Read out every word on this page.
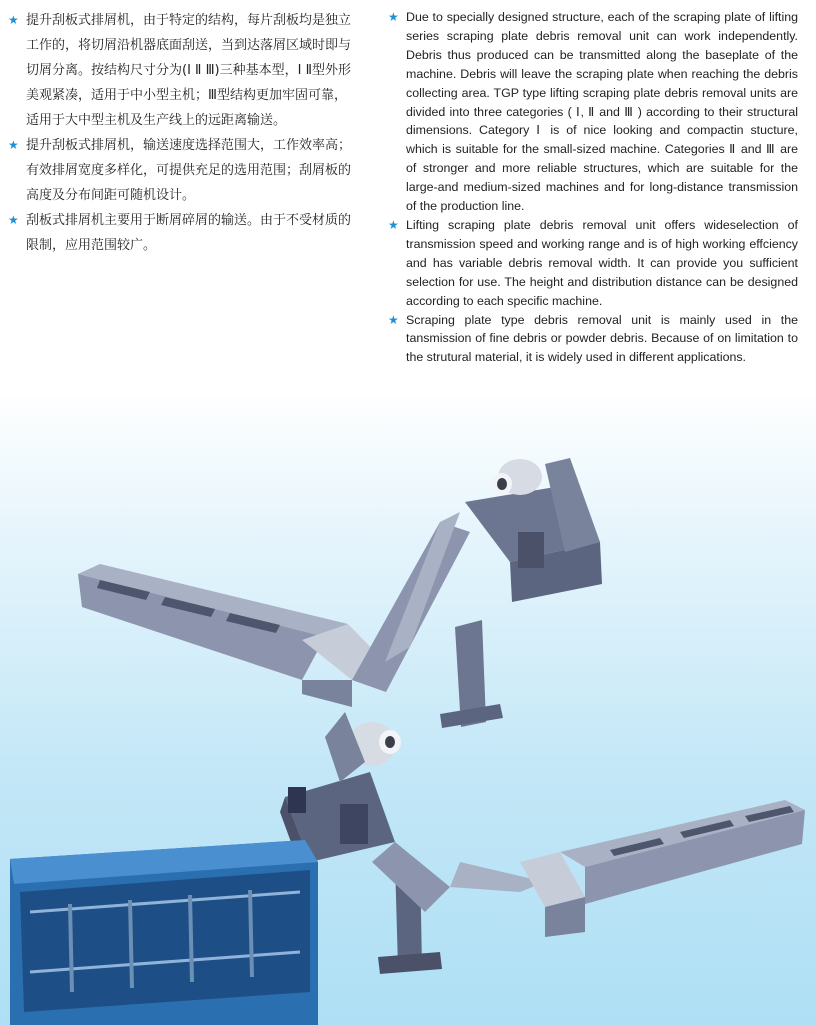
★ 提升刮板式排屑机，由于特定的结构，每片刮板均是独立工作的，将切屑沿机器底面刮送，当到达落屑区域时即与切屑分离。按结构尺寸分为(Ⅰ Ⅱ Ⅲ)三种基本型，Ⅰ Ⅱ型外形美观紧凑，适用于中小型主机；Ⅲ型结构更加牢固可靠，适用于大中型主机及生产线上的远距离输送。

★ 提升刮板式排屑机，输送速度选择范围大，工作效率高；有效排屑宽度多样化，可提供充足的选用范围；刮屑板的高度及分布间距可随机设计。

★ 刮板式排屑机主要用于断屑碎屑的输送。由于不受材质的限制，应用范围较广。

★ Due to specially designed structure, each of the scraping plate of lifting series scraping plate debris removal unit can work independently. Debris thus produced can be transmitted along the baseplate of the machine. Debris will leave the scraping plate when reaching the debris collecting area. TGP type lifting scraping plate debris removal units are divided into three categories ( Ⅰ, Ⅱ and Ⅲ ) according to their structural dimensions. Category Ⅰ is of nice looking and compactin stucture, which is suitable for the small-sized machine. Categories Ⅱ and Ⅲ are of stronger and more reliable structures, which are suitable for the large-and medium-sized machines and for long-distance transmission of the production line.

★ Lifting scraping plate debris removal unit offers wideselection of transmission speed and working range and is of high working effciency and has variable debris removal width. It can provide you sufficient selection for use. The height and distribution distance can be designed according to each specific machine.

★ Scraping plate type debris removal unit is mainly used in the tansmission of fine debris or powder debris. Because of on limitation to the strutural material, it is widely used in different applications.
